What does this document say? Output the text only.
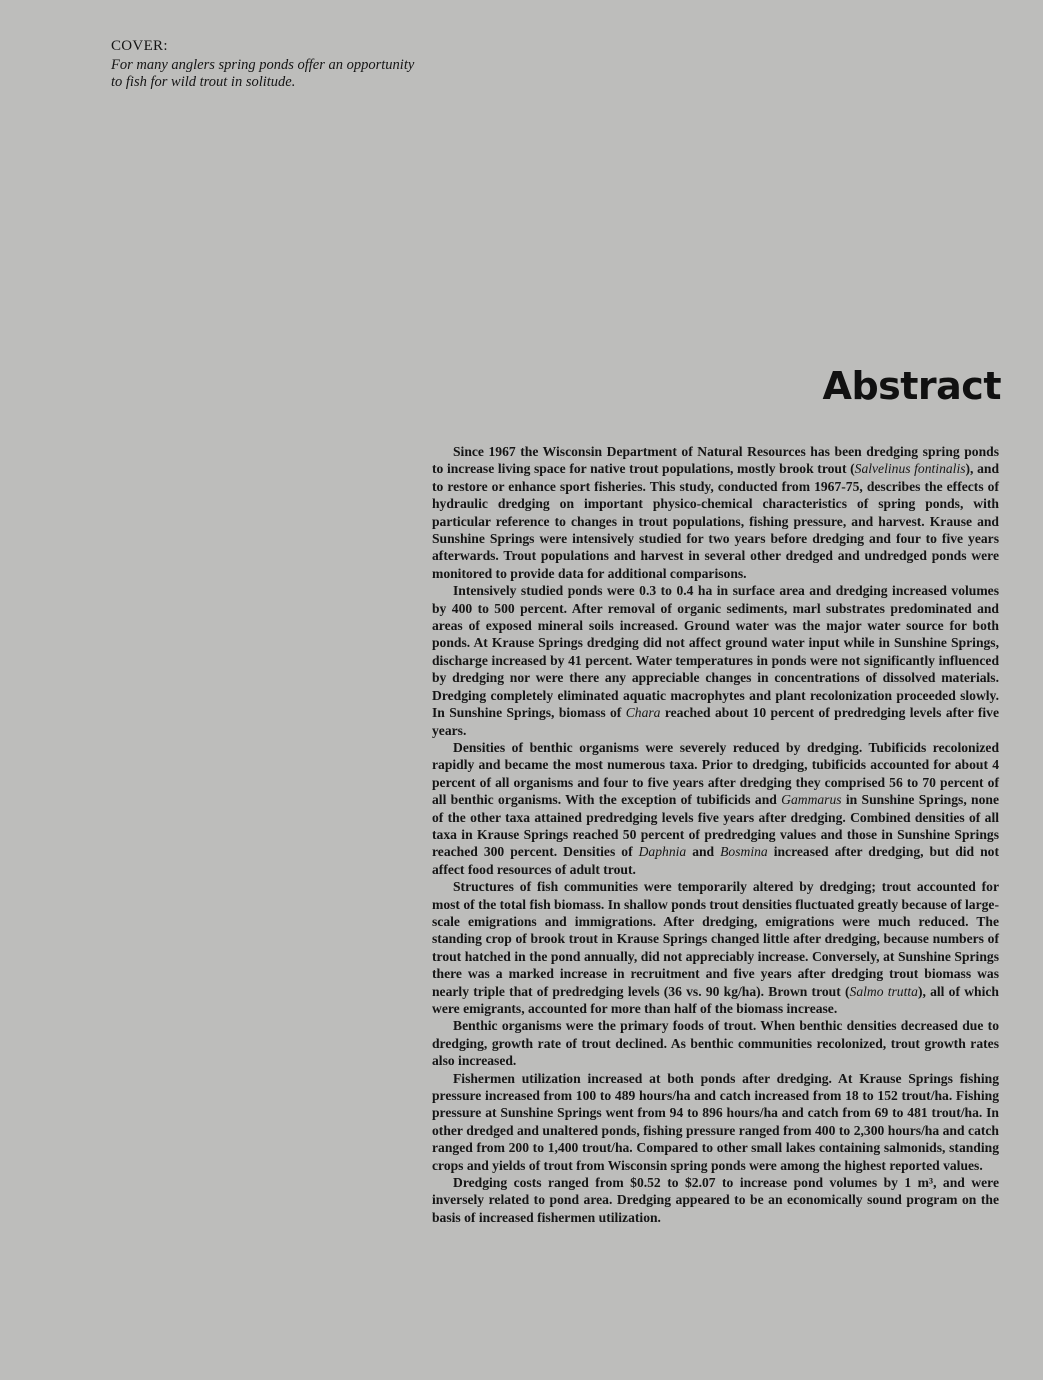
COVER:
For many anglers spring ponds offer an opportunity
to fish for wild trout in solitude.
Abstract

Since 1967 the Wisconsin Department of Natural Resources has been dredging spring ponds to increase living space for native trout populations, mostly brook trout (Salvelinus fontinalis), and to restore or enhance sport fisheries. This study, conducted from 1967-75, describes the effects of hydraulic dredging on important physico-chemical characteristics of spring ponds, with particular reference to changes in trout populations, fishing pressure, and harvest. Krause and Sunshine Springs were intensively studied for two years before dredging and four to five years afterwards. Trout populations and harvest in several other dredged and undredged ponds were monitored to provide data for additional comparisons.

Intensively studied ponds were 0.3 to 0.4 ha in surface area and dredging increased volumes by 400 to 500 percent. After removal of organic sediments, marl substrates predominated and areas of exposed mineral soils increased. Ground water was the major water source for both ponds. At Krause Springs dredging did not affect ground water input while in Sunshine Springs, discharge increased by 41 percent. Water temperatures in ponds were not significantly influenced by dredging nor were there any appreciable changes in concentrations of dissolved materials. Dredging completely eliminated aquatic macrophytes and plant recolonization proceeded slowly. In Sunshine Springs, biomass of Chara reached about 10 percent of predredging levels after five years.

Densities of benthic organisms were severely reduced by dredging. Tubificids recolonized rapidly and became the most numerous taxa. Prior to dredging, tubificids accounted for about 4 percent of all organisms and four to five years after dredging they comprised 56 to 70 percent of all benthic organisms. With the exception of tubificids and Gammarus in Sunshine Springs, none of the other taxa attained predredging levels five years after dredging. Combined densities of all taxa in Krause Springs reached 50 percent of predredging values and those in Sunshine Springs reached 300 percent. Densities of Daphnia and Bosmina increased after dredging, but did not affect food resources of adult trout.

Structures of fish communities were temporarily altered by dredging; trout accounted for most of the total fish biomass. In shallow ponds trout densities fluctuated greatly because of large-scale emigrations and immigrations. After dredging, emigrations were much reduced. The standing crop of brook trout in Krause Springs changed little after dredging, because numbers of trout hatched in the pond annually, did not appreciably increase. Conversely, at Sunshine Springs there was a marked increase in recruitment and five years after dredging trout biomass was nearly triple that of predredging levels (36 vs. 90 kg/ha). Brown trout (Salmo trutta), all of which were emigrants, accounted for more than half of the biomass increase.

Benthic organisms were the primary foods of trout. When benthic densities decreased due to dredging, growth rate of trout declined. As benthic communities recolonized, trout growth rates also increased.

Fishermen utilization increased at both ponds after dredging. At Krause Springs fishing pressure increased from 100 to 489 hours/ha and catch increased from 18 to 152 trout/ha. Fishing pressure at Sunshine Springs went from 94 to 896 hours/ha and catch from 69 to 481 trout/ha. In other dredged and unaltered ponds, fishing pressure ranged from 400 to 2,300 hours/ha and catch ranged from 200 to 1,400 trout/ha. Compared to other small lakes containing salmonids, standing crops and yields of trout from Wisconsin spring ponds were among the highest reported values.

Dredging costs ranged from $0.52 to $2.07 to increase pond volumes by 1 m³, and were inversely related to pond area. Dredging appeared to be an economically sound program on the basis of increased fishermen utilization.
